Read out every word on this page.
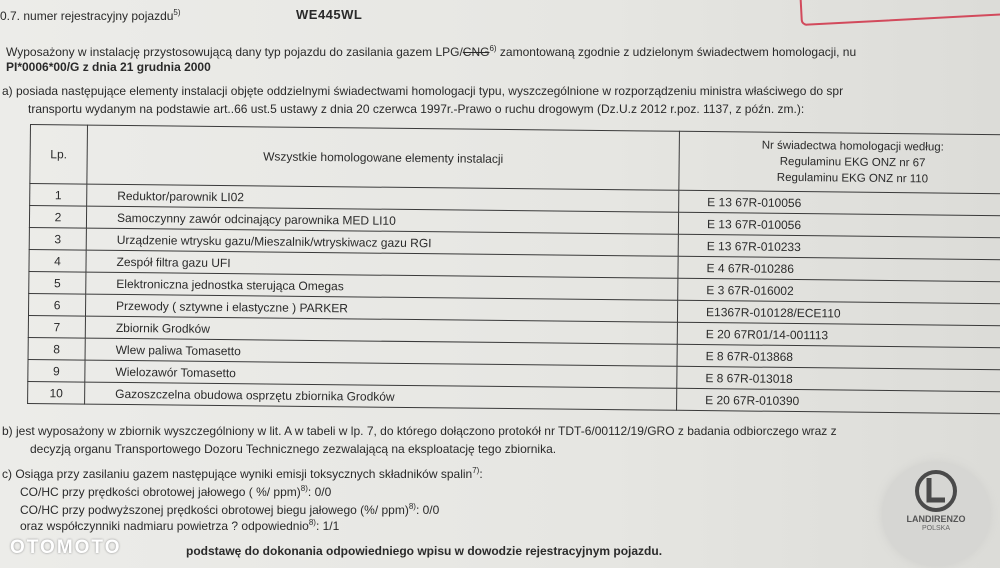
0.7. numer rejestracyjny pojazdu$^{5)}$	WE445WL
Wyposażony w instalację przystosowującą dany typ pojazdu do zasilania gazem LPG/CNG$^{6)}$ zamontowaną zgodnie z udzielonym świadectwem homologacji, nu
PI*0006*00/G z dnia 21 grudnia 2000
a) posiada następujące elementy instalacji objęte oddzielnymi świadectwami homologacji typu, wyszczególnione w rozporządzeniu ministra właściwego do spr
transportu wydanym na podstawie art..66 ust.5 ustawy z dnia 20 czerwca 1997r.-Prawo o ruchu drogowym (Dz.U.z 2012 r.poz. 1137, z późn. zm.):
Lp.	Wszystkie homologowane elementy instalacji	Nr świadectwa homologacji według:
Regulaminu EKG ONZ nr 67
Regulaminu EKG ONZ nr 110

1	Reduktor/parownik LI02	E 13 67R-010056
2	Samoczynny zawór odcinający parownika MED LI10	E 13 67R-010056
3	Urządzenie wtrysku gazu/Mieszalnik/wtryskiwacz gazu RGI	E 13 67R-010233
4	Zespół filtra gazu UFI	E 4 67R-010286
5	Elektroniczna jednostka sterująca Omegas	E 3 67R-016002
6	Przewody ( sztywne i elastyczne ) PARKER	E1367R-010128/ECE110
7	Zbiornik Grodków	E 20 67R01/14-001113
8	Wlew paliwa Tomasetto	E 8 67R-013868
9	Wielozawór Tomasetto	E 8 67R-013018
10	Gazoszczelna obudowa osprzętu zbiornika Grodków	E 20 67R-010390
b) jest wyposażony w zbiornik wyszczególniony w lit. A w tabeli w lp. 7, do którego dołączono protokół nr TDT-6/00112/19/GRO z badania odbiorczego wraz z
decyzją organu Transportowego Dozoru Technicznego zezwalającą na eksploatację tego zbiornika.
c) Osiąga przy zasilaniu gazem następujące wyniki emisji toksycznych składników spalin$^{7)}$:
CO/HC przy prędkości obrotowej jałowego ( %/ ppm)$^{8)}$: 0/0
CO/HC przy podwyższonej prędkości obrotowej biegu jałowego (%/ ppm)$^{8)}$: 0/0
oraz współczynniki nadmiaru powietrza ? odpowiednio$^{8)}$: 1/1
podstawę do dokonania odpowiedniego wpisu w dowodzie rejestracyjnym pojazdu.
LANDIRENZO
POLSKA
OTOMOTO
